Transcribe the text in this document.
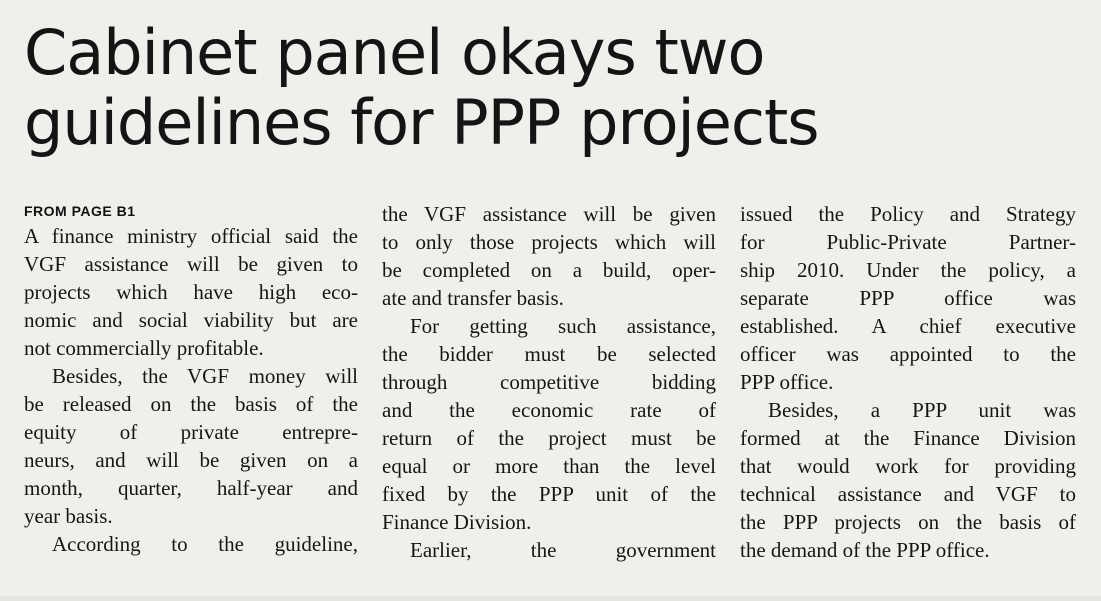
Cabinet panel okays two
guidelines for PPP projects
FROM PAGE B1
A finance ministry official said the
VGF assistance will be given to
projects which have high eco-
nomic and social viability but are
not commercially profitable.
Besides, the VGF money will
be released on the basis of the
equity of private entrepre-
neurs, and will be given on a
month, quarter, half-year and
year basis.
According to the guideline,
the VGF assistance will be given
to only those projects which will
be completed on a build, oper-
ate and transfer basis.
For getting such assistance,
the bidder must be selected
through competitive bidding
and the economic rate of
return of the project must be
equal or more than the level
fixed by the PPP unit of the
Finance Division.
Earlier, the government
issued the Policy and Strategy
for Public-Private Partner-
ship 2010. Under the policy, a
separate PPP office was
established. A chief executive
officer was appointed to the
PPP office.
Besides, a PPP unit was
formed at the Finance Division
that would work for providing
technical assistance and VGF to
the PPP projects on the basis of
the demand of the PPP office.
